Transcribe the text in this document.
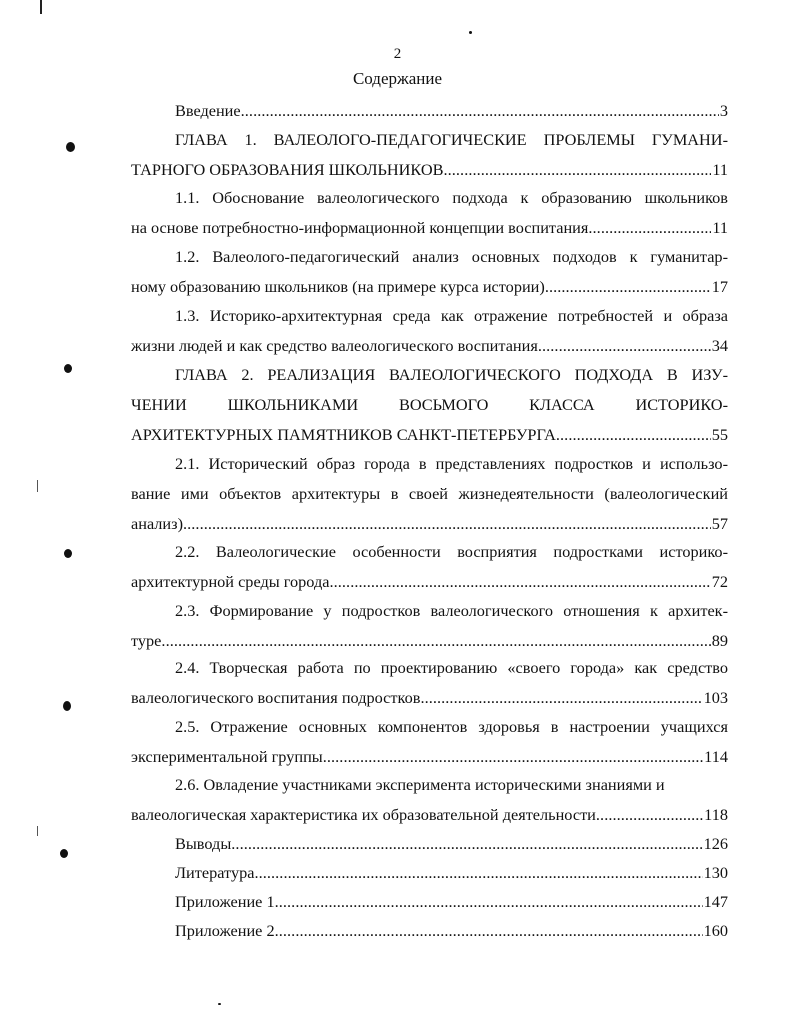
2
Содержание
Введение . . .	3
ГЛАВА 1. ВАЛЕОЛОГО-ПЕДАГОГИЧЕСКИЕ ПРОБЛЕМЫ ГУМАНИ-
ТАРНОГО ОБРАЗОВАНИЯ ШКОЛЬНИКОВ . . .	11
1.1. Обоснование валеологического подхода к образованию школьников
на основе потребностно-информационной концепции воспитания . . .	11
1.2. Валеолого-педагогический анализ основных подходов к гуманитар-
ному образованию школьников (на примере курса истории) . . .	17
1.3. Историко-архитектурная среда как отражение потребностей и образа
жизни людей и как средство валеологического воспитания . . .	34
ГЛАВА 2. РЕАЛИЗАЦИЯ ВАЛЕОЛОГИЧЕСКОГО ПОДХОДА В ИЗУ-
ЧЕНИИ ШКОЛЬНИКАМИ ВОСЬМОГО КЛАССА ИСТОРИКО-
АРХИТЕКТУРНЫХ ПАМЯТНИКОВ САНКТ-ПЕТЕРБУРГА . . .	55
2.1. Исторический образ города в представлениях подростков и использо-
вание ими объектов архитектуры в своей жизнедеятельности (валеологический
анализ) . . .	57
2.2. Валеологические особенности восприятия подростками историко-
архитектурной среды города . . .	72
2.3. Формирование у подростков валеологического отношения к архитек-
туре . . .	89
2.4. Творческая работа по проектированию «своего города» как средство
валеологического воспитания подростков . . .	103
2.5. Отражение основных компонентов здоровья в настроении учащихся
экспериментальной группы . . .	114
2.6. Овладение участниками эксперимента историческими знаниями и
валеологическая характеристика их образовательной деятельности . . .	118
Выводы . . .	126
Литература . . .	130
Приложение 1 . . .	147
Приложение 2 . . .	160
